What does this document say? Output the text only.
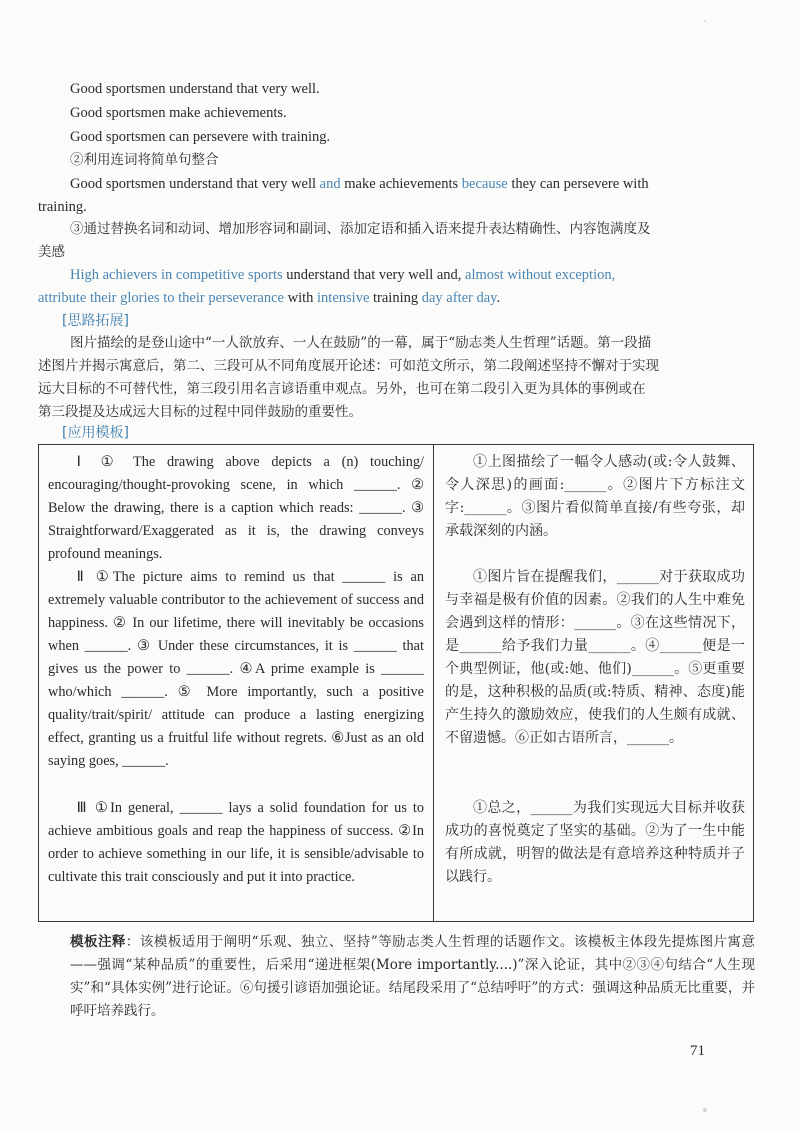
Good sportsmen understand that very well.
Good sportsmen make achievements.
Good sportsmen can persevere with training.
②利用连词将简单句整合
Good sportsmen understand that very well and make achievements because they can persevere with
training.
③通过替换名词和动词、增加形容词和副词、添加定语和插入语来提升表达精确性、内容饱满度及
美感
High achievers in competitive sports understand that very well and, almost without exception,
attribute their glories to their perseverance with intensive training day after day.
[思路拓展]
图片描绘的是登山途中“一人欲放弃、一人在鼓励”的一幕，属于“励志类人生哲理”话题。第一段描
述图片并揭示寓意后，第二、三段可从不同角度展开论述：可如范文所示，第二段阐述坚持不懈对于实现
远大目标的不可替代性，第三段引用名言谚语重申观点。另外，也可在第二段引入更为具体的事例或在
第三段提及达成远大目标的过程中同伴鼓励的重要性。
[应用模板]
Ⅰ ① The drawing above depicts a (n) touching/ encouraging/thought-provoking scene, in which ______. ② Below the drawing, there is a caption which reads: ______. ③ Straightforward/Exaggerated as it is, the drawing conveys profound meanings.
Ⅱ ①The picture aims to remind us that ______ is an extremely valuable contributor to the achievement of success and happiness. ② In our lifetime, there will inevitably be occasions when ______. ③ Under these circumstances, it is ______ that gives us the power to ______. ④A prime example is ______ who/which ______. ⑤ More importantly, such a positive quality/trait/spirit/ attitude can produce a lasting energizing effect, granting us a fruitful life without regrets. ⑥Just as an old saying goes, ______.
Ⅲ ①In general, ______ lays a solid foundation for us to achieve ambitious goals and reap the happiness of success. ②In order to achieve something in our life, it is sensible/advisable to cultivate this trait consciously and put it into practice.
①上图描绘了一幅令人感动(或:令人鼓舞、令人深思)的画面:______。②图片下方标注文字:______。③图片看似简单直接/有些夸张，却承载深刻的内涵。
①图片旨在提醒我们，______对于获取成功与幸福是极有价值的因素。②我们的人生中难免会遇到这样的情形：______。③在这些情况下，是______给予我们力量______。④______便是一个典型例证，他(或:她、他们)______。⑤更重要的是，这种积极的品质(或:特质、精神、态度)能产生持久的激励效应，使我们的人生颇有成就、不留遗憾。⑥正如古语所言，______。
①总之，______为我们实现远大目标并收获成功的喜悦奠定了坚实的基础。②为了一生中能有所成就，明智的做法是有意培养这种特质并子以践行。
模板注释：该模板适用于阐明“乐观、独立、坚持”等励志类人生哲理的话题作文。该模板主体段先提炼图片寓意——强调“某种品质”的重要性，后采用“递进框架(More importantly....)”深入论证，其中②③④句结合“人生现实”和“具体实例”进行论证。⑥句援引谚语加强论证。结尾段采用了“总结呼吁”的方式：强调这种品质无比重要，并呼吁培养践行。
71
